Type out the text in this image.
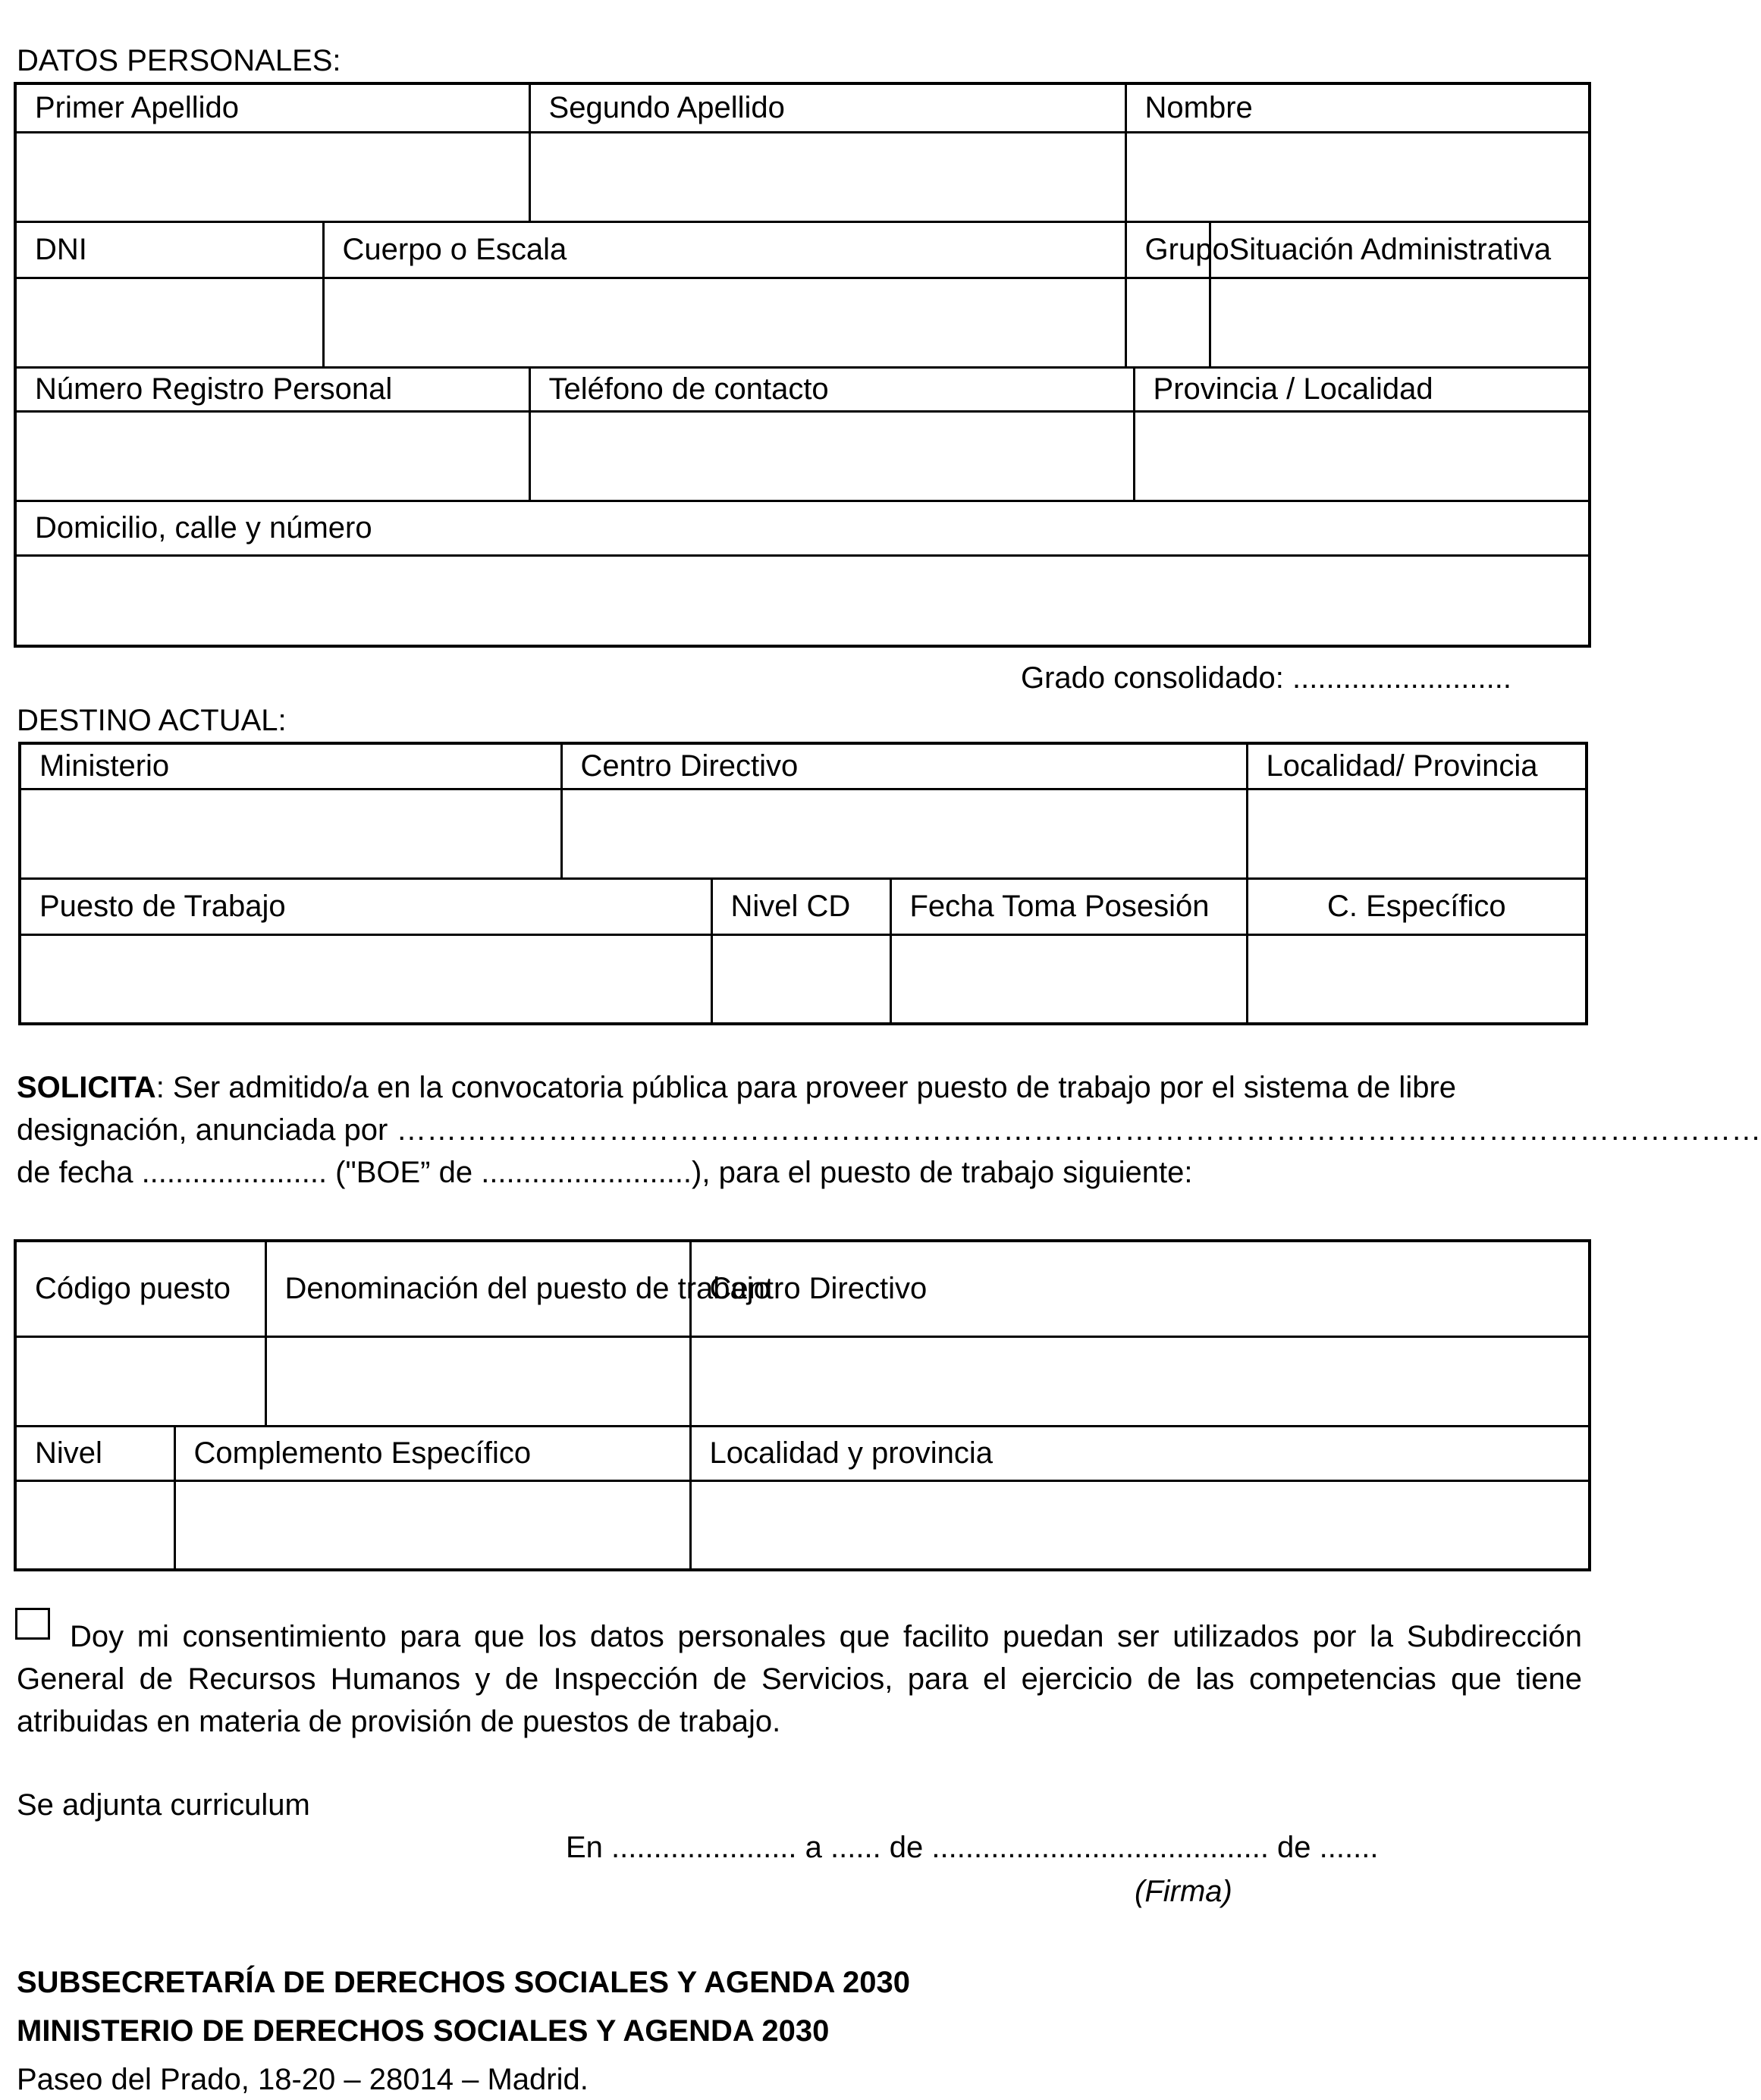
DATOS PERSONALES:
Primer Apellido		Segundo Apellido	Nombre		

DNI	Cuerpo o Escala		Grupo		Situación Administrativa

Número Registro Personal		Teléfono de contacto		Provincia / Localidad	

Domicilio, calle y número					

Grado consolidado: ..........................
DESTINO ACTUAL:
Ministerio	Centro Directivo			Localidad/ Provincia

Puesto de Trabajo		Nivel CD	Fecha Toma Posesión	C. Específico

SOLICITA: Ser admitido/a en la convocatoria pública para proveer puesto de trabajo por el sistema de libre
designación, anunciada por ………………………………………………………………………………………………………………………
de fecha ...................... ("BOE” de .........................), para el puesto de trabajo siguiente:
Código puesto		Denominación del puesto de trabajo	Centro Directivo

Nivel	Complemento Específico		Localidad y provincia

Doy mi consentimiento para que los datos personales que facilito puedan ser utilizados por la Subdirección General de Recursos Humanos y de Inspección de Servicios, para el ejercicio de las competencias que tiene atribuidas en materia de provisión de puestos de trabajo.
Se adjunta curriculum
En ...................... a ...... de ........................................ de .......
(Firma)
SUBSECRETARÍA DE DERECHOS SOCIALES Y AGENDA 2030
MINISTERIO DE DERECHOS SOCIALES Y AGENDA 2030
Paseo del Prado, 18-20 – 28014 – Madrid.
